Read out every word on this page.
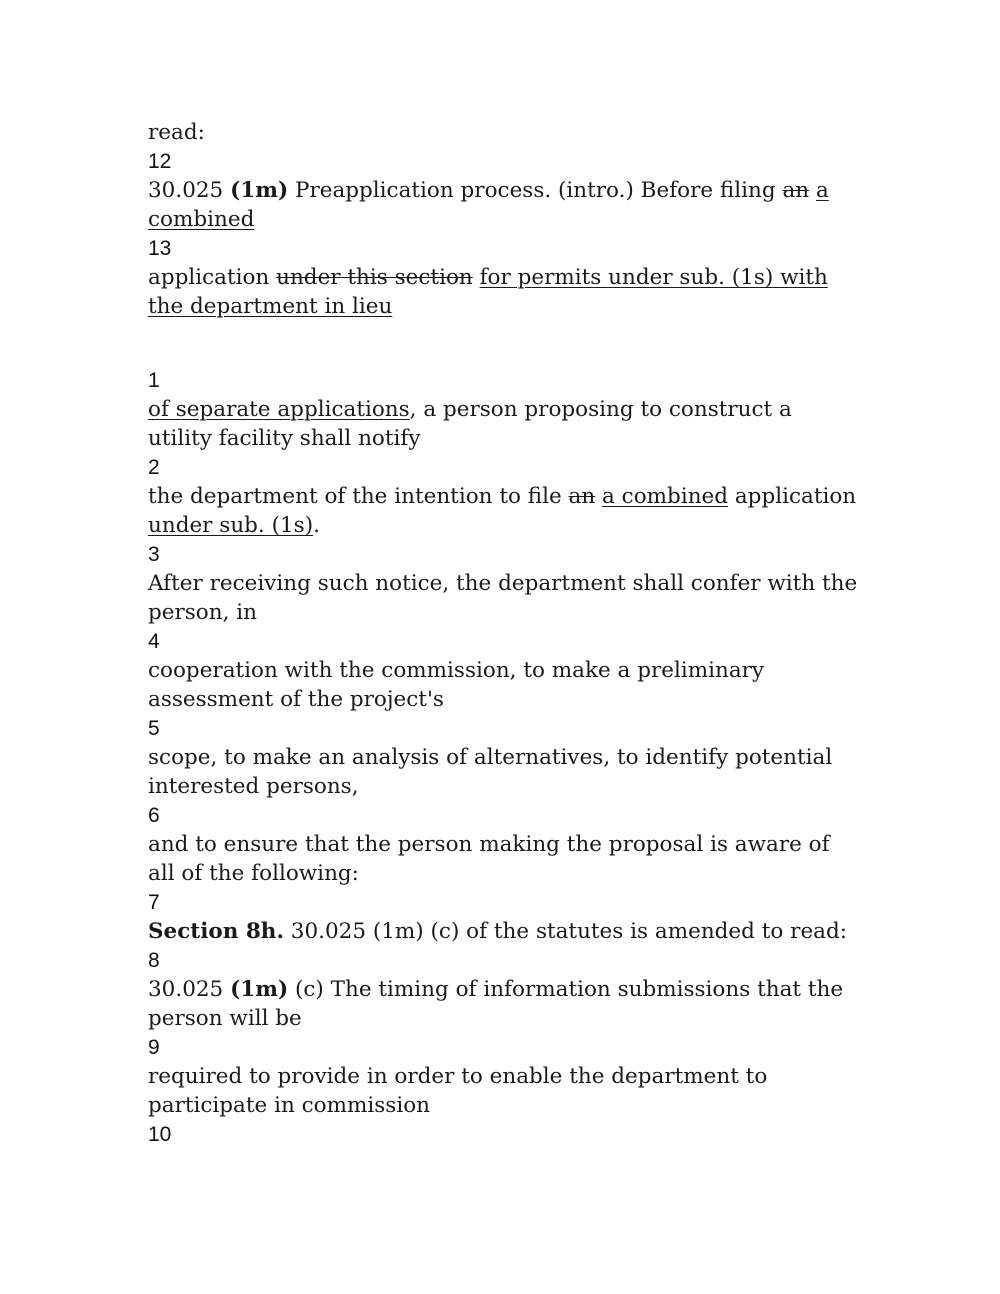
read:
12
30.025 (1m) Preapplication process. (intro.) Before filing an a combined
13
application under this section for permits under sub. (1s) with the department in lieu
1
of separate applications, a person proposing to construct a utility facility shall notify
2
the department of the intention to file an a combined application under sub. (1s).
3
After receiving such notice, the department shall confer with the person, in
4
cooperation with the commission, to make a preliminary assessment of the project's
5
scope, to make an analysis of alternatives, to identify potential interested persons,
6
and to ensure that the person making the proposal is aware of all of the following:
7
Section 8h. 30.025 (1m) (c) of the statutes is amended to read:
8
30.025 (1m) (c) The timing of information submissions that the person will be
9
required to provide in order to enable the department to participate in commission
10
